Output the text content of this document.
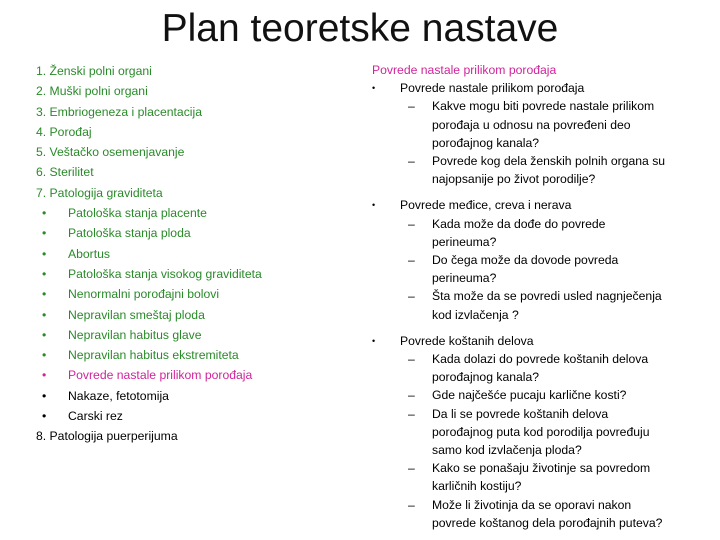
Plan teoretske nastave
1. Ženski polni organi
2. Muški polni organi
3. Embriogeneza i placentacija
4. Porođaj
5. Veštačko osemenjavanje
6. Sterilitet
7. Patologija graviditeta
• Patološka stanja placente
• Patološka stanja ploda
• Abortus
• Patološka stanja visokog graviditeta
• Nenormalni porođajni bolovi
• Nepravilan smeštaj ploda
• Nepravilan habitus glave
• Nepravilan habitus ekstremiteta
• Povrede nastale prilikom porođaja
• Nakaze, fetotomija
• Carski rez
8. Patologija puerperijuma
Povrede nastale prilikom porođaja
• Povrede nastale prilikom porođaja
– Kakve mogu biti povrede nastale prilikom
porođaja u odnosu na povređeni deo
porođajnog kanala?
– Povrede kog dela ženskih polnih organa su
najopsanije po život porodilje?
• Povrede međice, creva i nerava
– Kada može da dođe do povrede
perineuma?
– Do čega može da dovode povreda
perineuma?
– Šta može da se povredi usled nagnječenja
kod izvlačenja ?
• Povrede koštanih delova
– Kada dolazi do povrede koštanih delova
porođajnog kanala?
– Gde najčešće pucaju karlične kosti?
– Da li se povrede koštanih delova
porođajnog puta kod porodilja povređuju
samo kod izvlačenja ploda?
– Kako se ponašaju životinje sa povredom
karličnih kostiju?
– Može li životinja da se oporavi nakon
povrede koštanog dela porođajnih puteva?
